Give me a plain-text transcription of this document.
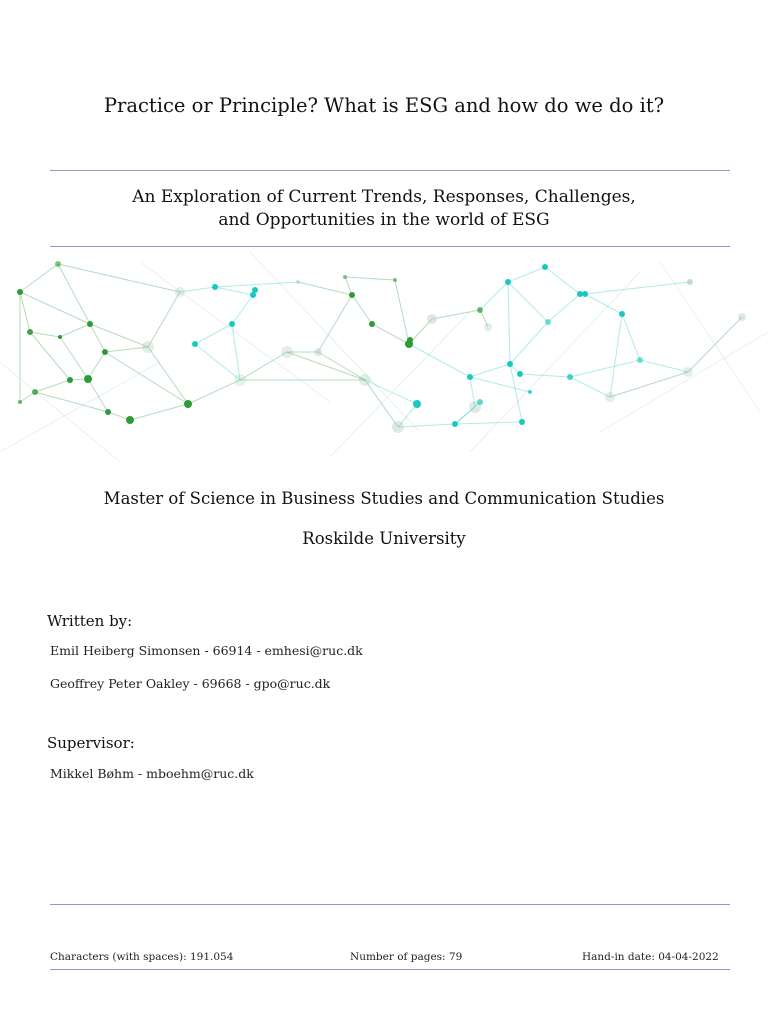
Practice or Principle? What is ESG and how do we do it?
An Exploration of Current Trends, Responses, Challenges,
and Opportunities in the world of ESG
Master of Science in Business Studies and Communication Studies
Roskilde University
Written by:
Emil Heiberg Simonsen - 66914 - emhesi@ruc.dk
Geoffrey Peter Oakley - 69668 - gpo@ruc.dk
Supervisor:
Mikkel Bøhm - mboehm@ruc.dk
Characters (with spaces): 191.054	Number of pages: 79	Hand-in date: 04-04-2022
